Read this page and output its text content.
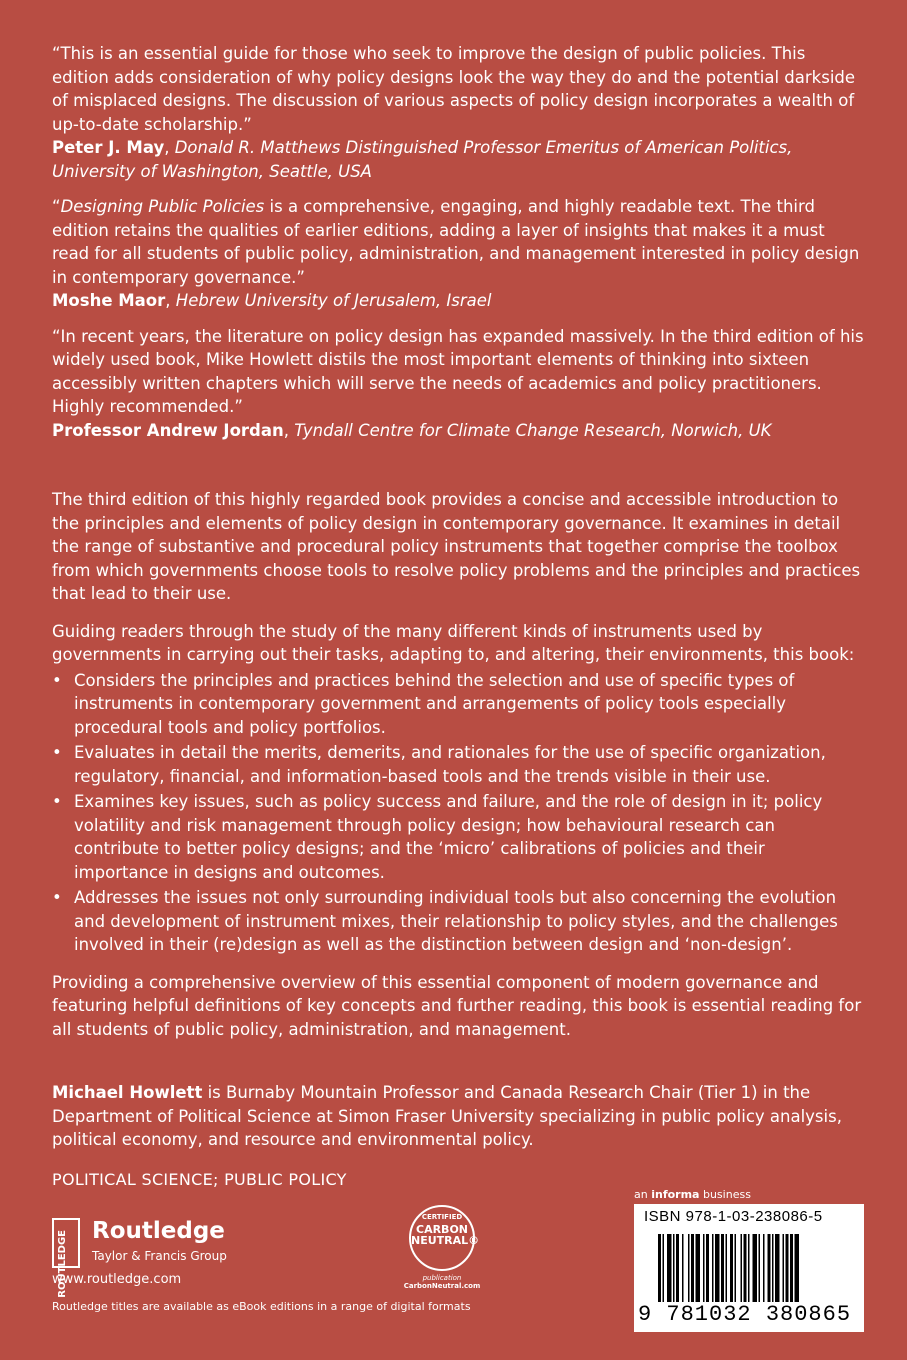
“This is an essential guide for those who seek to improve the design of public policies. This edition adds consideration of why policy designs look the way they do and the potential darkside of misplaced designs. The discussion of various aspects of policy design incorporates a wealth of up-to-date scholarship.”

Peter J. May, Donald R. Matthews Distinguished Professor Emeritus of American Politics, University of Washington, Seattle, USA

“Designing Public Policies is a comprehensive, engaging, and highly readable text. The third edition retains the qualities of earlier editions, adding a layer of insights that makes it a must read for all students of public policy, administration, and management interested in policy design in contemporary governance.”

Moshe Maor, Hebrew University of Jerusalem, Israel

“In recent years, the literature on policy design has expanded massively. In the third edition of his widely used book, Mike Howlett distils the most important elements of thinking into sixteen accessibly written chapters which will serve the needs of academics and policy practitioners. Highly recommended.”

Professor Andrew Jordan, Tyndall Centre for Climate Change Research, Norwich, UK

The third edition of this highly regarded book provides a concise and accessible introduction to the principles and elements of policy design in contemporary governance. It examines in detail the range of substantive and procedural policy instruments that together comprise the toolbox from which governments choose tools to resolve policy problems and the principles and practices that lead to their use.

Guiding readers through the study of the many different kinds of instruments used by governments in carrying out their tasks, adapting to, and altering, their environments, this book:

• Considers the principles and practices behind the selection and use of specific types of instruments in contemporary government and arrangements of policy tools especially procedural tools and policy portfolios.
• Evaluates in detail the merits, demerits, and rationales for the use of specific organization, regulatory, financial, and information-based tools and the trends visible in their use.
• Examines key issues, such as policy success and failure, and the role of design in it; policy volatility and risk management through policy design; how behavioural research can contribute to better policy designs; and the ‘micro’ calibrations of policies and their importance in designs and outcomes.
• Addresses the issues not only surrounding individual tools but also concerning the evolution and development of instrument mixes, their relationship to policy styles, and the challenges involved in their (re)design as well as the distinction between design and ‘non-design’.

Providing a comprehensive overview of this essential component of modern governance and featuring helpful definitions of key concepts and further reading, this book is essential reading for all students of public policy, administration, and management.

Michael Howlett is Burnaby Mountain Professor and Canada Research Chair (Tier 1) in the Department of Political Science at Simon Fraser University specializing in public policy analysis, political economy, and resource and environmental policy.

POLITICAL SCIENCE; PUBLIC POLICY
ROUTLEDGE Routledge
Taylor & Francis Group
www.routledge.com
Routledge titles are available as eBook editions in a range of digital formats
CERTIFIED
CARBON NEUTRAL®
publication
CarbonNeutral.com
an informa business
ISBN 978-1-03-238086-5
9 781032 380865
